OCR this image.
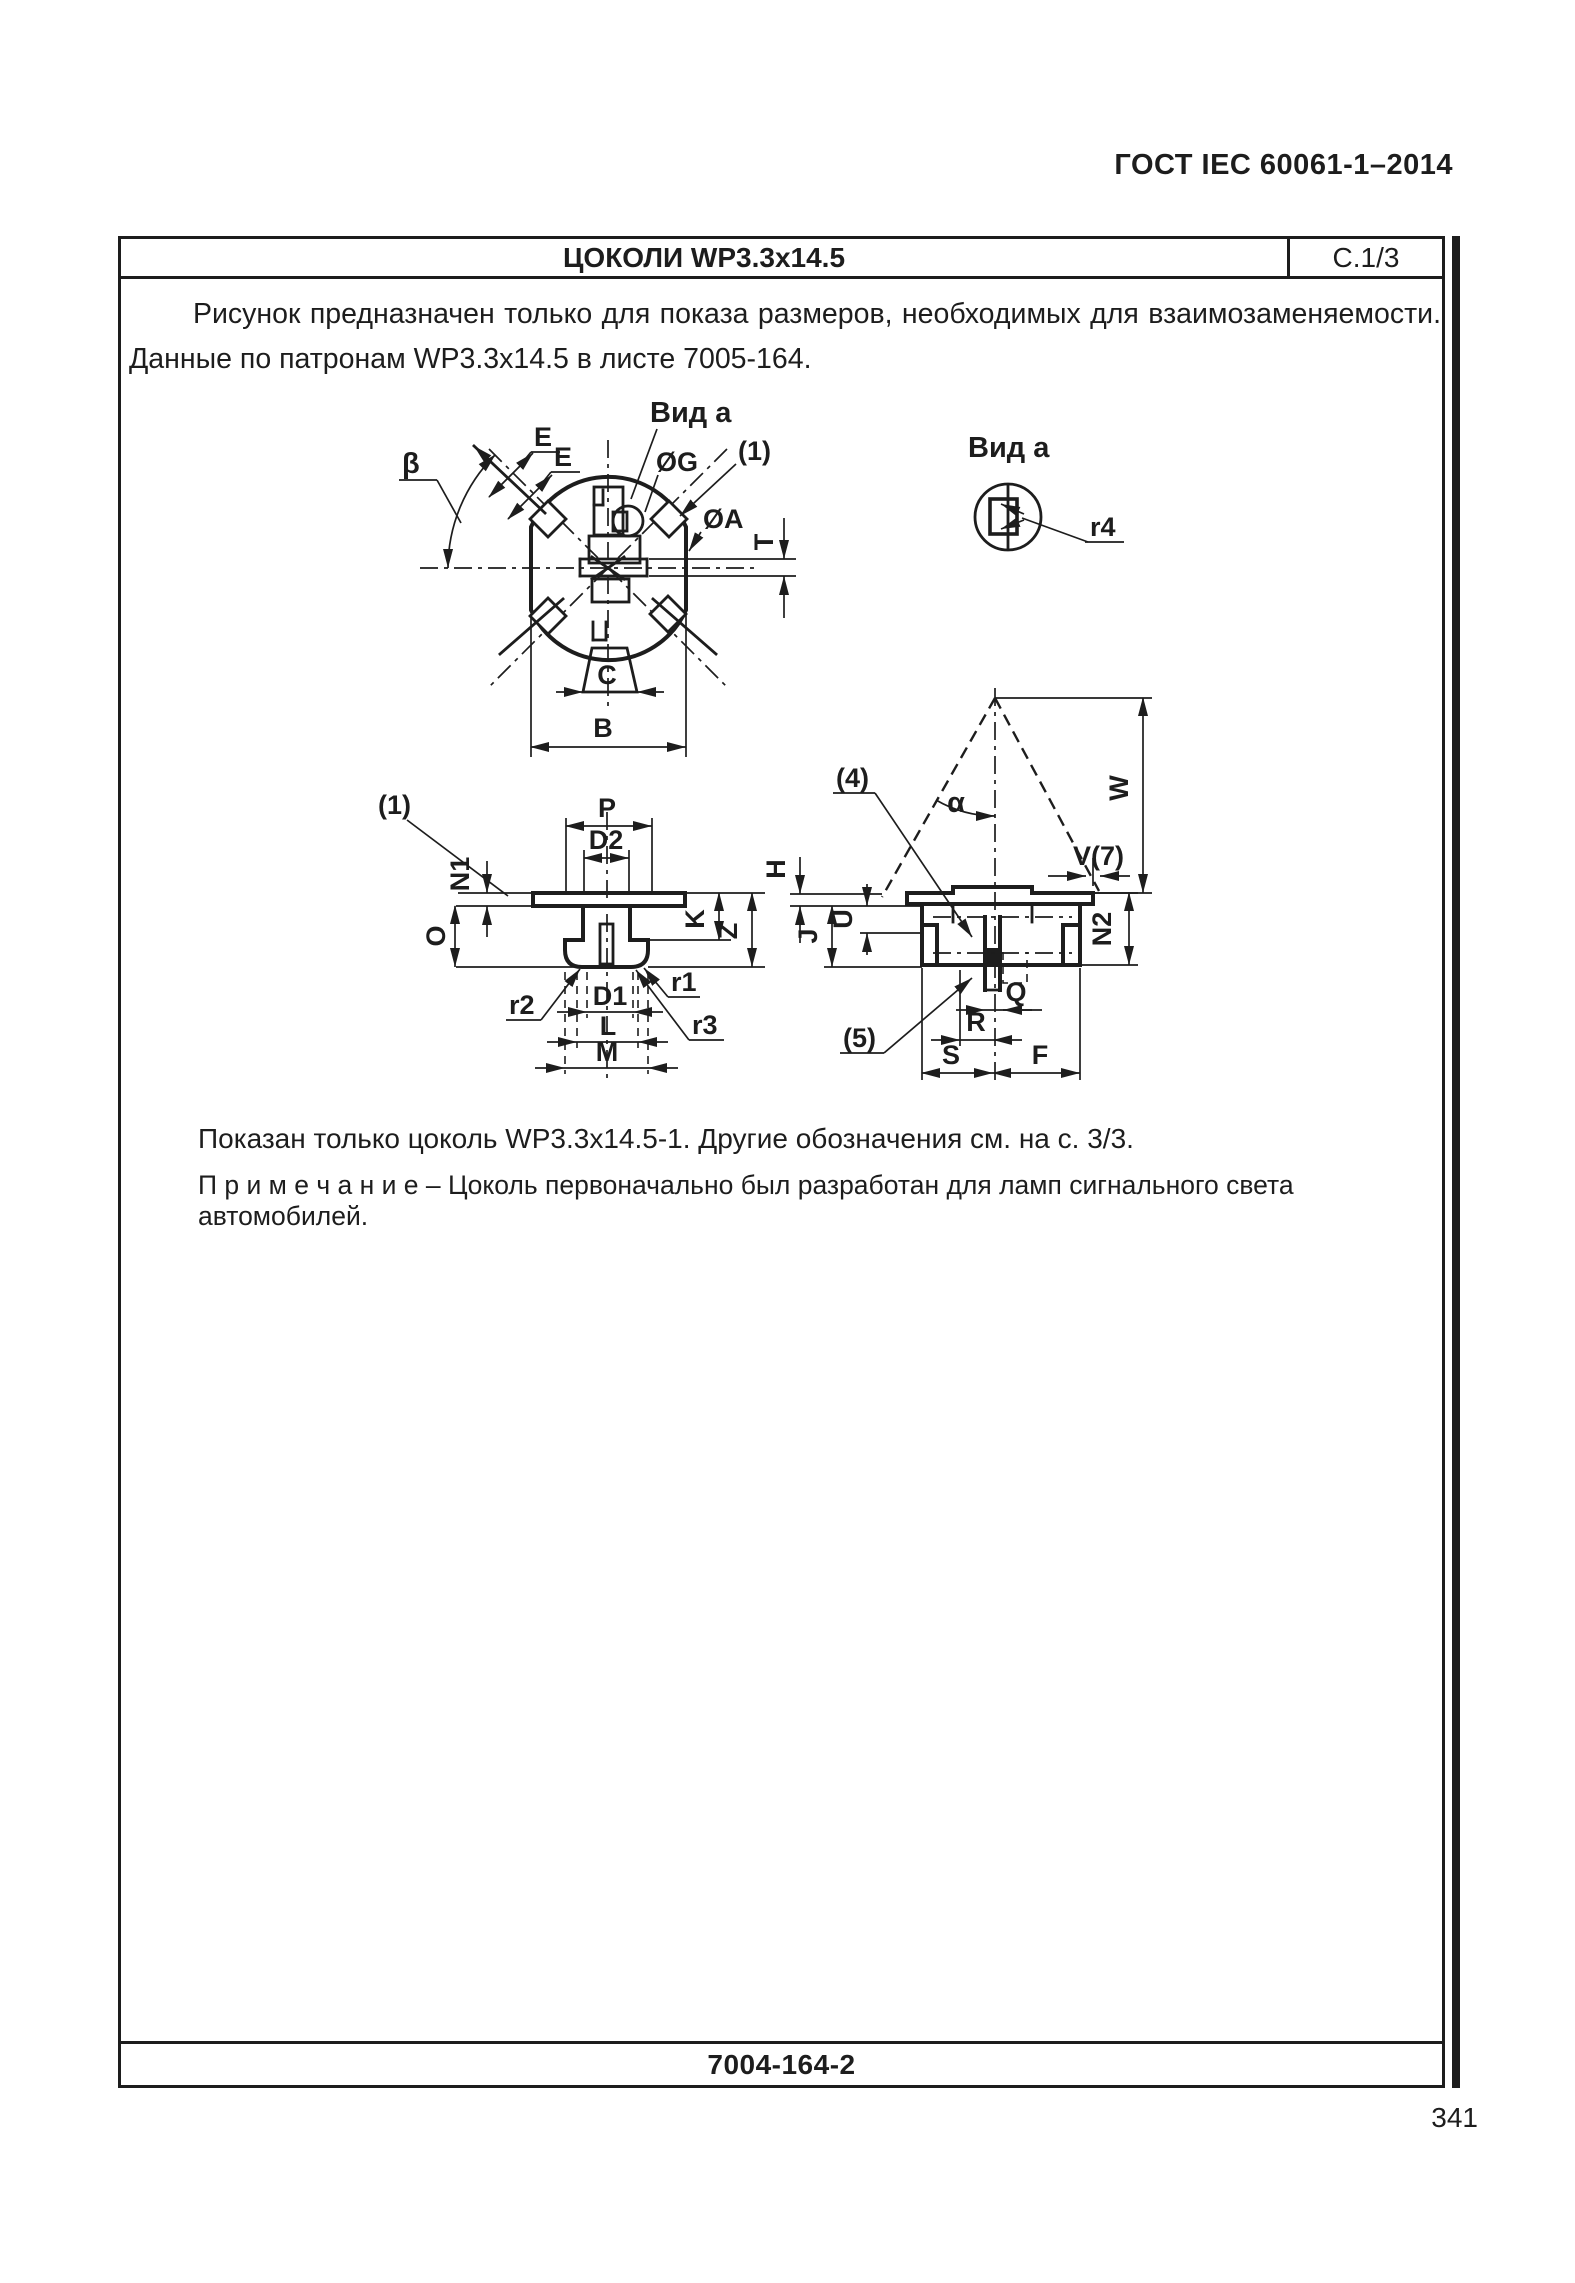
ГОСТ IEC 60061-1–2014
ЦОКОЛИ WP3.3x14.5	С.1/3
Рисунок предназначен только для показа размеров, необходимых для взаимозаменяемости.
Данные по патронам WP3.3x14.5 в листе 7005-164.
Показан только цоколь WP3.3x14.5-1. Другие обозначения см. на с. 3/3.
П р и м е ч а н и е – Цоколь первоначально был разработан для ламп сигнального света автомобилей.
7004-164-2
341
β
E
E
Вид а
ØG (1)
ØA
T
C
B
Вид а
r4
P
D2
N1
O
K
Z
(1)
r2
r1
r3
D1
L
M
W
α
(4)
H
U
J
V(7)
N2
Q
R
S	F
(5)
